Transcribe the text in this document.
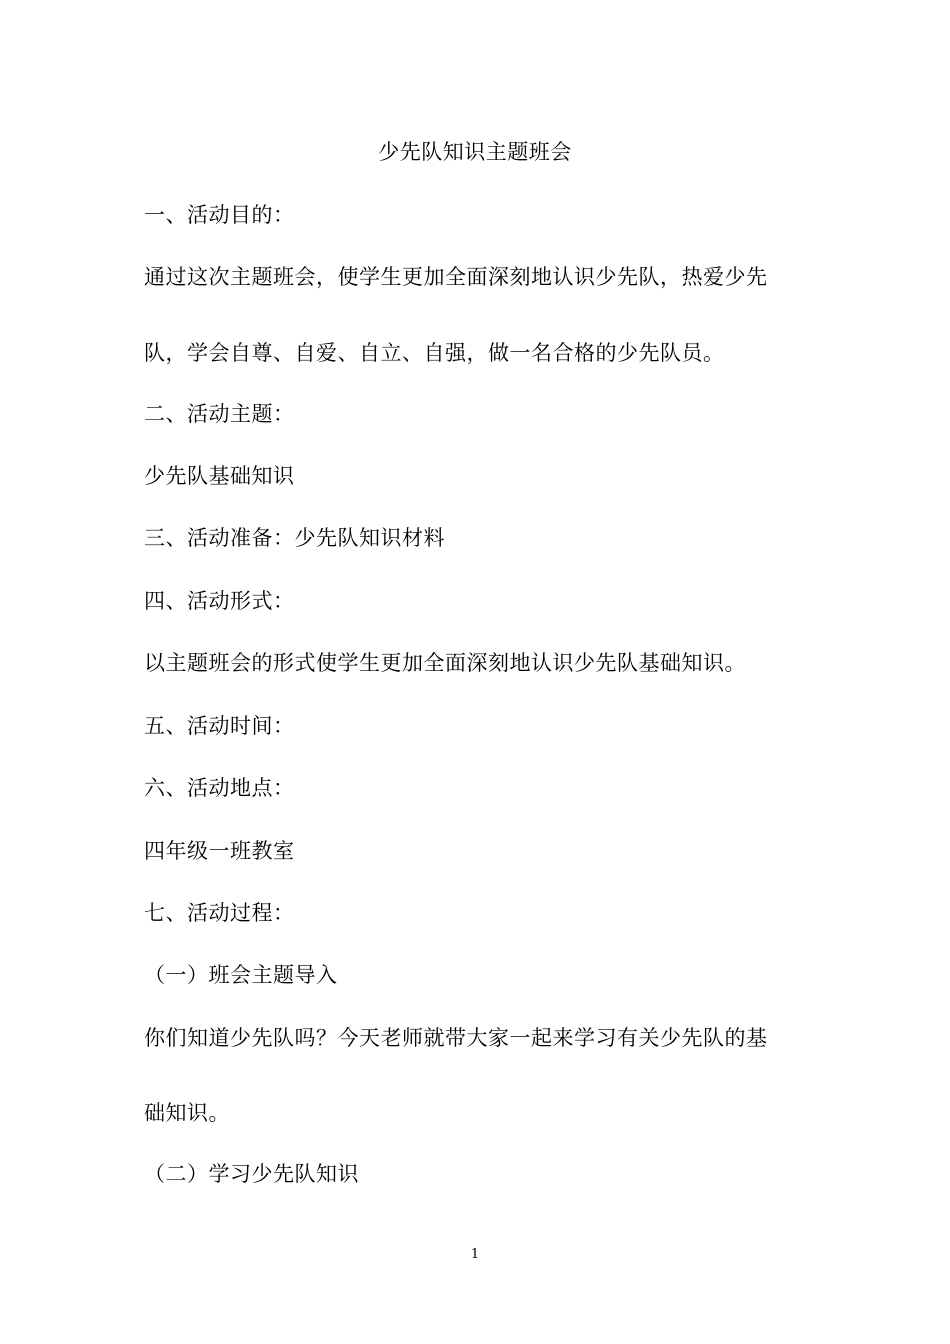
少先队知识主题班会
一、活动目的：
通过这次主题班会，使学生更加全面深刻地认识少先队，热爱少先
队，学会自尊、自爱、自立、自强，做一名合格的少先队员。
二、活动主题：
少先队基础知识
三、活动准备：少先队知识材料
四、活动形式：
以主题班会的形式使学生更加全面深刻地认识少先队基础知识。
五、活动时间：
六、活动地点：
四年级一班教室
七、活动过程：
（一）班会主题导入
你们知道少先队吗？今天老师就带大家一起来学习有关少先队的基
础知识。
（二）学习少先队知识
1
